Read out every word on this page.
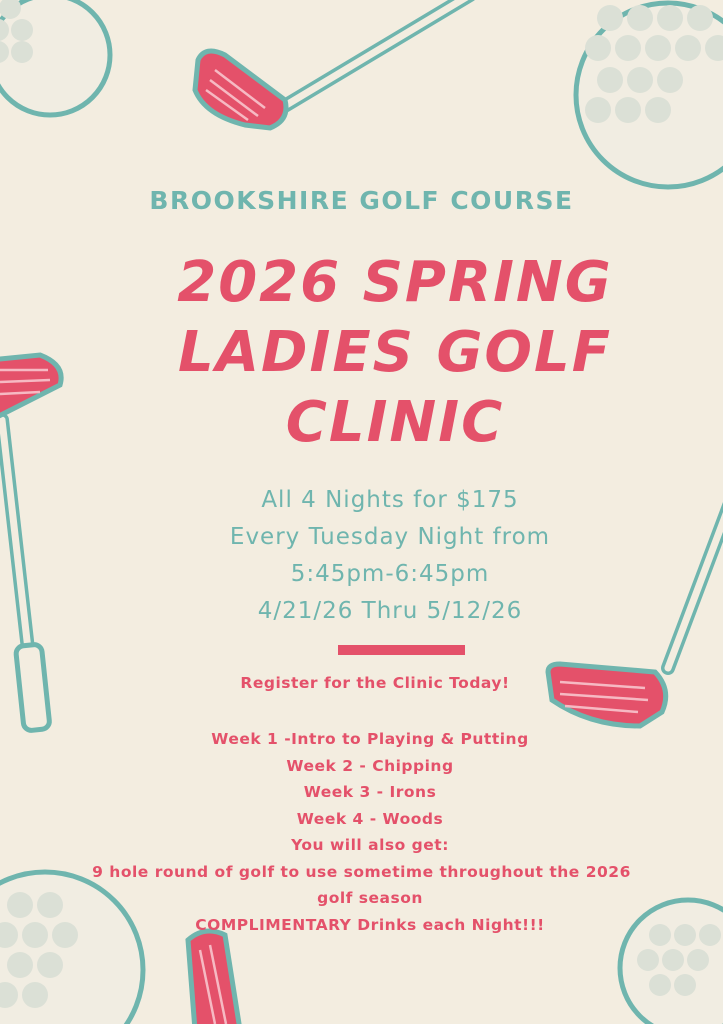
BROOKSHIRE GOLF COURSE
2026 SPRING
LADIES GOLF
CLINIC
All 4 Nights for $175
Every Tuesday Night from
5:45pm-6:45pm
4/21/26 Thru 5/12/26
Register for the Clinic Today!
Week 1 -Intro to Playing & Putting
Week 2 - Chipping
Week 3 - Irons
Week 4 - Woods
You will also get:
9 hole round of golf to use sometime throughout the 2026
golf season
COMPLIMENTARY Drinks each Night!!!
